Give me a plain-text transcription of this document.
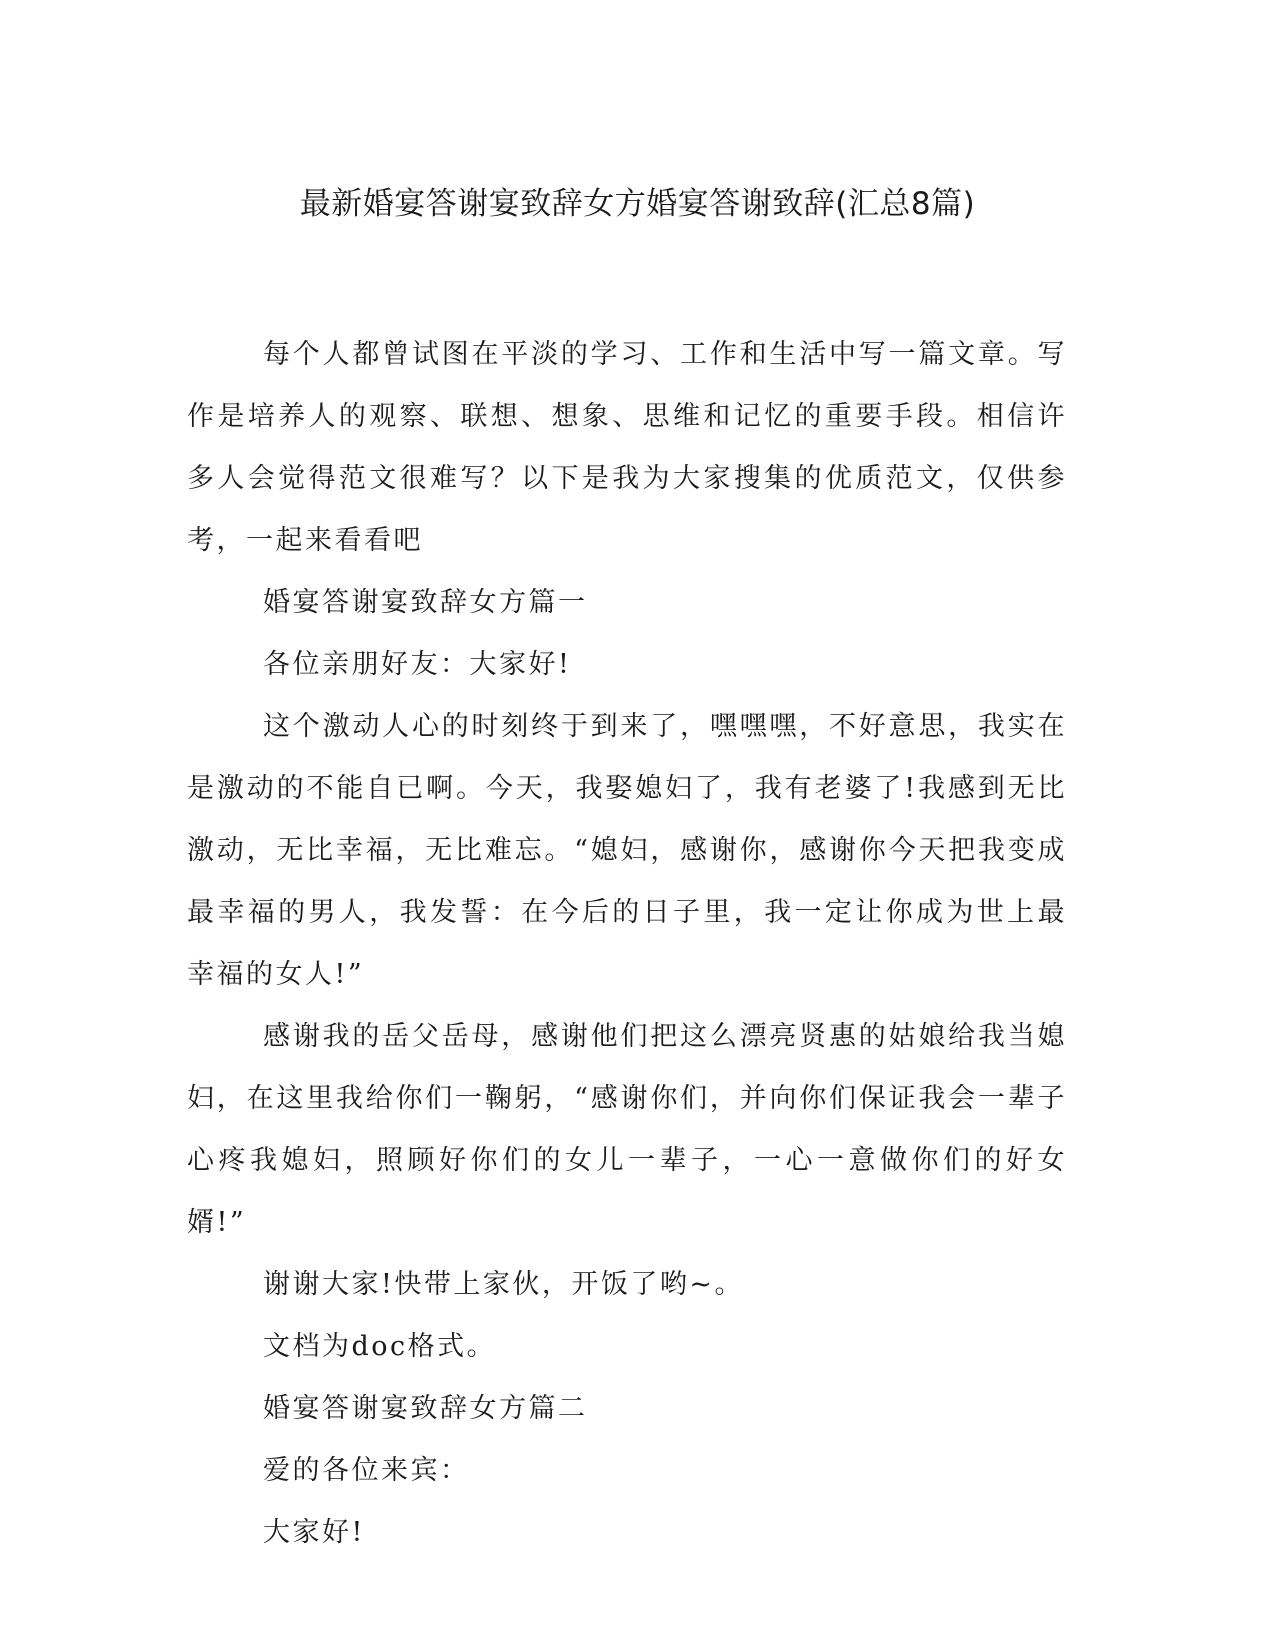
最新婚宴答谢宴致辞女方婚宴答谢致辞(汇总8篇)

每个人都曾试图在平淡的学习、工作和生活中写一篇文章。写作是培养人的观察、联想、想象、思维和记忆的重要手段。相信许多人会觉得范文很难写？以下是我为大家搜集的优质范文，仅供参考，一起来看看吧

婚宴答谢宴致辞女方篇一

各位亲朋好友：大家好!

这个激动人心的时刻终于到来了，嘿嘿嘿，不好意思，我实在是激动的不能自已啊。今天，我娶媳妇了，我有老婆了!我感到无比激动，无比幸福，无比难忘。“媳妇，感谢你，感谢你今天把我变成最幸福的男人，我发誓：在今后的日子里，我一定让你成为世上最幸福的女人!”

感谢我的岳父岳母，感谢他们把这么漂亮贤惠的姑娘给我当媳妇，在这里我给你们一鞠躬，“感谢你们，并向你们保证我会一辈子心疼我媳妇，照顾好你们的女儿一辈子，一心一意做你们的好女婿!”

谢谢大家!快带上家伙，开饭了哟~。

文档为doc格式。

婚宴答谢宴致辞女方篇二

爱的各位来宾：

大家好!
